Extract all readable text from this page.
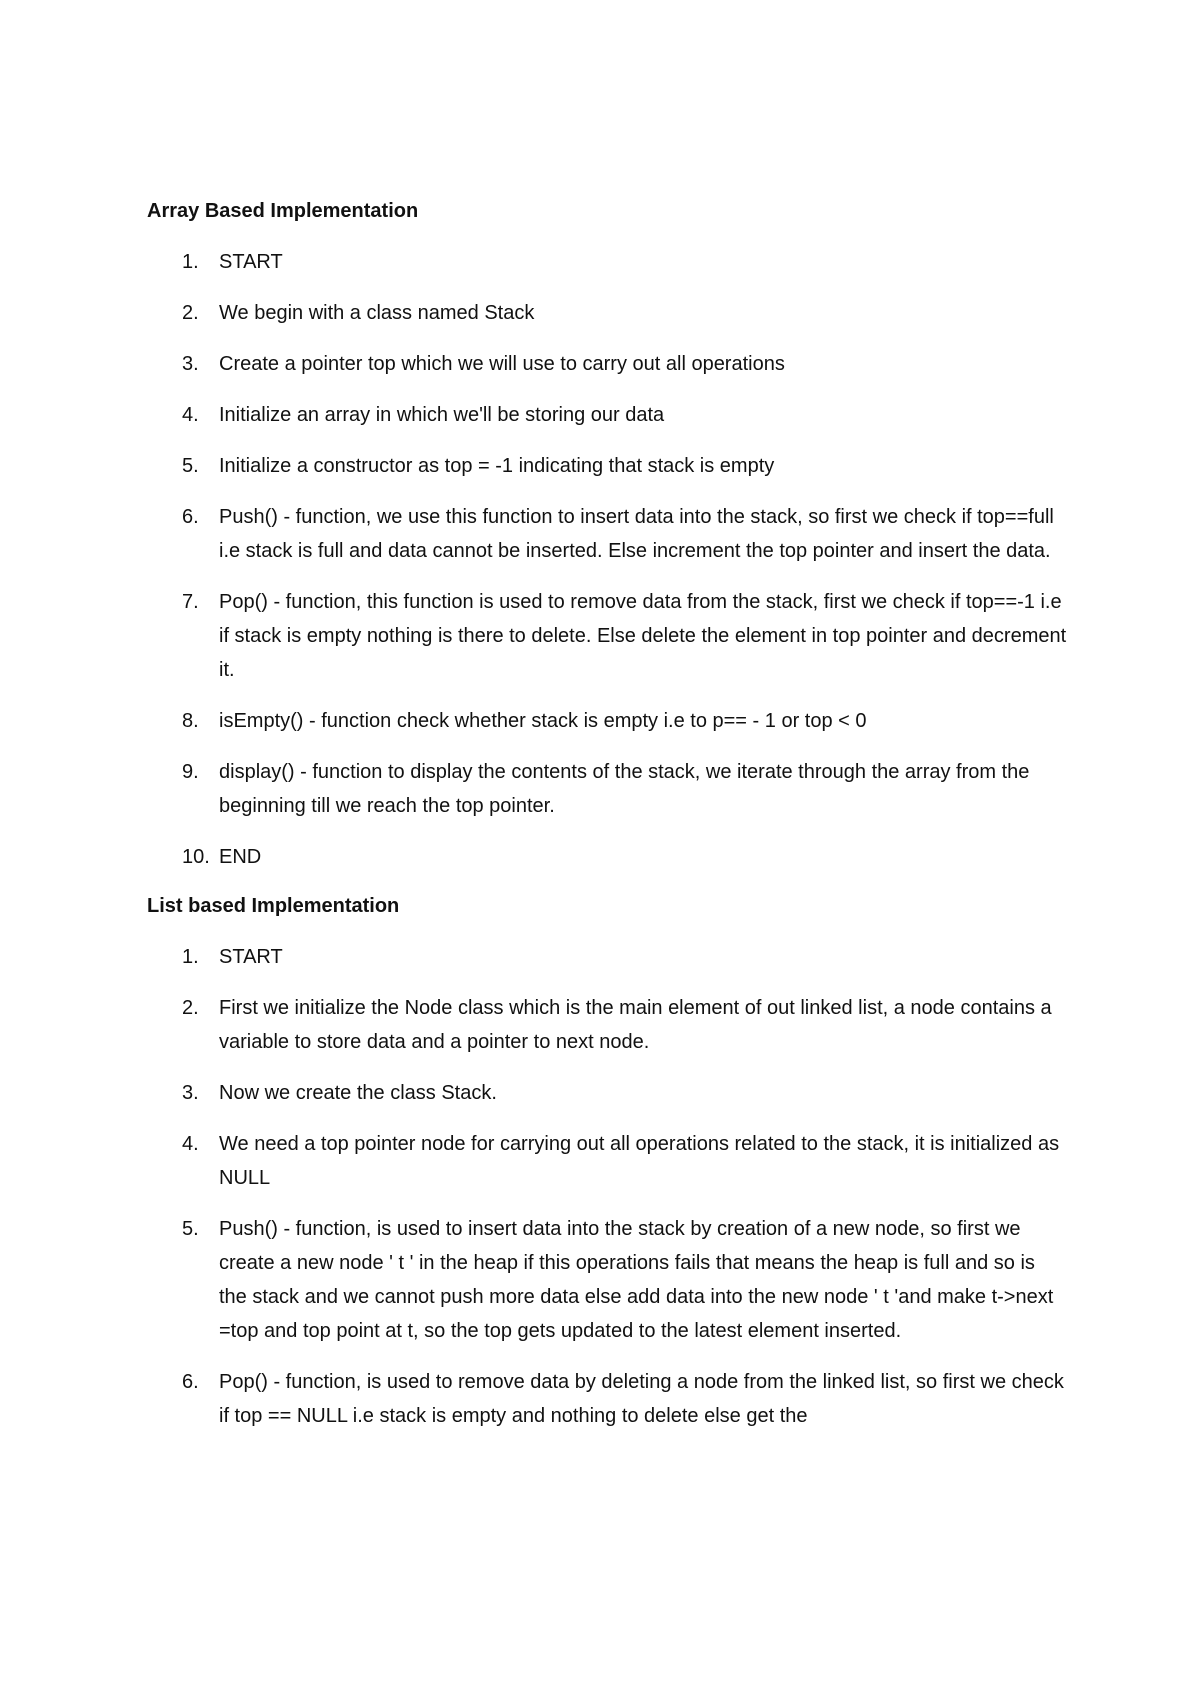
Array Based Implementation
1. START
2. We begin with a class named Stack
3. Create a pointer top which we will use to carry out all operations
4. Initialize an array in which we'll be storing our data
5. Initialize a constructor as top = -1 indicating that stack is empty
6. Push() - function, we use this function to insert data into the stack, so first we check if top==full i.e stack is full and data cannot be inserted. Else increment the top pointer and insert the data.
7. Pop() - function, this function is used to remove data from the stack, first we check if top==-1 i.e if stack is empty nothing is there to delete. Else delete the element in top pointer and decrement it.
8. isEmpty() - function check whether stack is empty i.e to p== - 1 or top < 0
9. display() - function to display the contents of the stack, we iterate through the array from the beginning till we reach the top pointer.
10. END
List based Implementation
1. START
2. First we initialize the Node class which is the main element of out linked list, a node contains a variable to store data and a pointer to next node.
3. Now we create the class Stack.
4. We need a top pointer node for carrying out all operations related to the stack, it is initialized as NULL
5. Push() - function, is used to insert data into the stack by creation of a new node, so first we create a new node ' t ' in the heap if this operations fails that means the heap is full and so is the stack and we cannot push more data else add data into the new node ' t 'and make t->next =top and top point at t, so the top gets updated to the latest element inserted.
6. Pop() - function, is used to remove data by deleting a node from the linked list, so first we check if top == NULL i.e stack is empty and nothing to delete else get the
